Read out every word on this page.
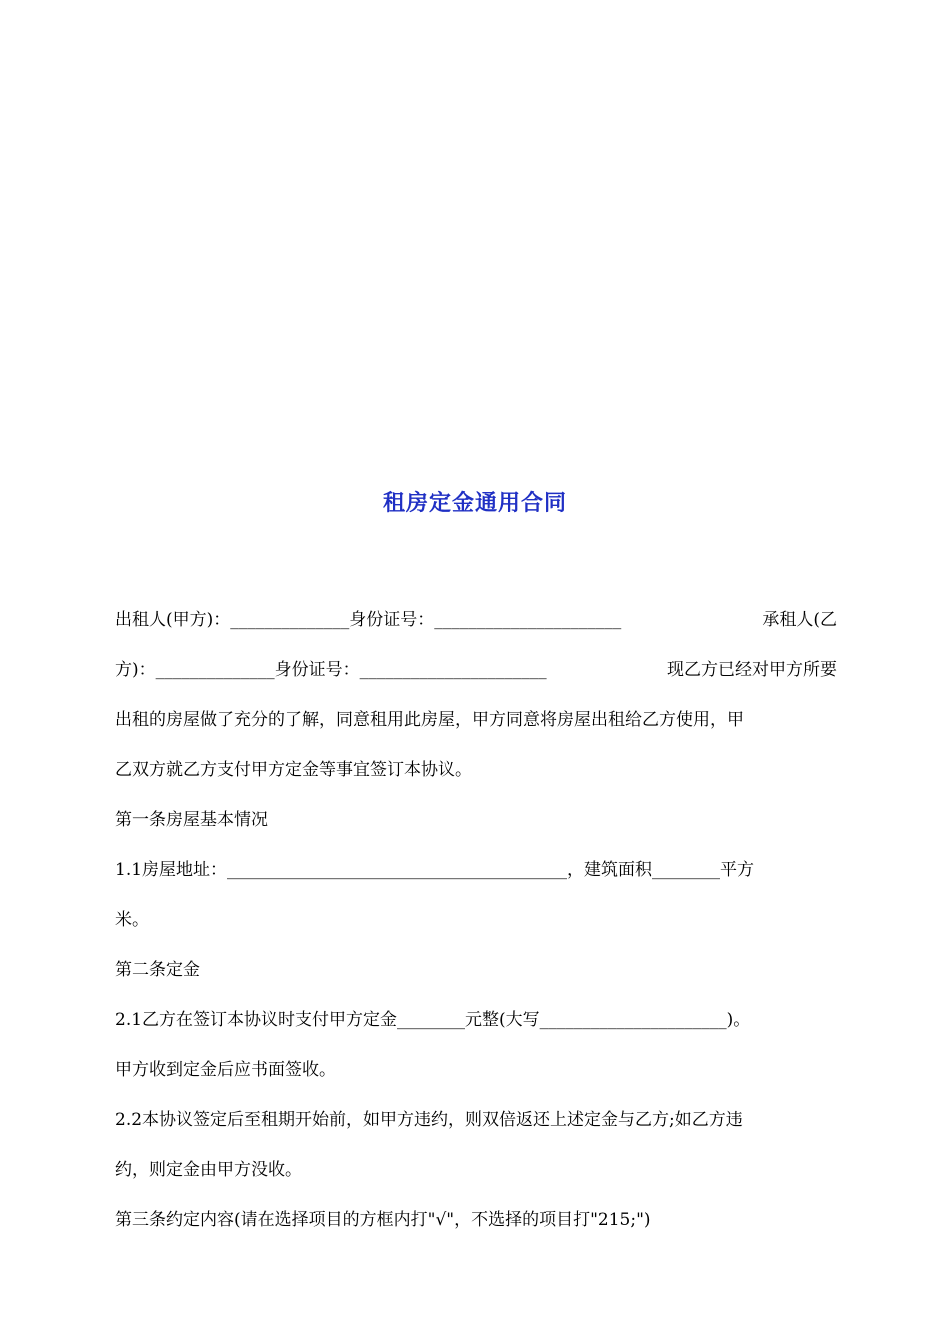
租房定金通用合同
出租人(甲方)：______________身份证号：______________________	承租人(乙
方)：______________身份证号：______________________	现乙方已经对甲方所要
出租的房屋做了充分的了解，同意租用此房屋，甲方同意将房屋出租给乙方使用，甲
乙双方就乙方支付甲方定金等事宜签订本协议。
第一条房屋基本情况
1.1房屋地址：________________________________________，建筑面积________平方
米。
第二条定金
2.1乙方在签订本协议时支付甲方定金________元整(大写______________________)。
甲方收到定金后应书面签收。
2.2本协议签定后至租期开始前，如甲方违约，则双倍返还上述定金与乙方;如乙方违
约，则定金由甲方没收。
第三条约定内容(请在选择项目的方框内打"√"，不选择的项目打"215;")
